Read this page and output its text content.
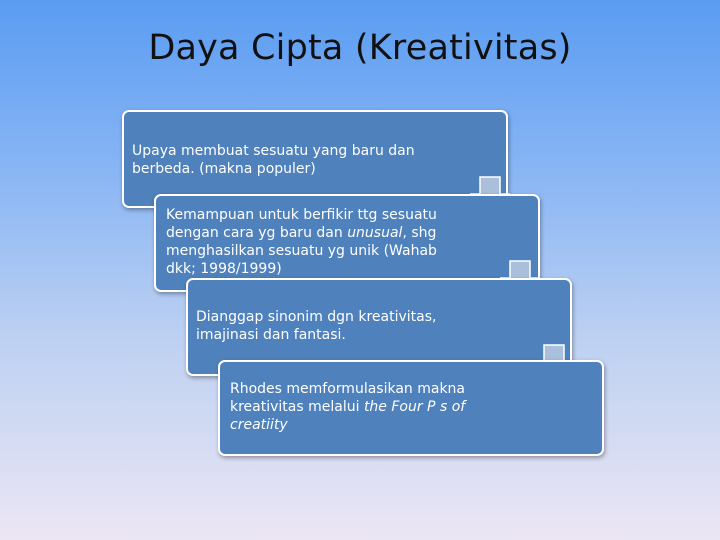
Daya Cipta (Kreativitas)
Upaya membuat sesuatu yang baru dan berbeda. (makna populer)
Kemampuan untuk berfikir ttg sesuatu dengan cara yg baru dan unusual, shg menghasilkan sesuatu yg unik (Wahab dkk; 1998/1999)
Dianggap sinonim dgn kreativitas, imajinasi dan fantasi.
Rhodes memformulasikan makna kreativitas melalui the Four P s of creatiity
